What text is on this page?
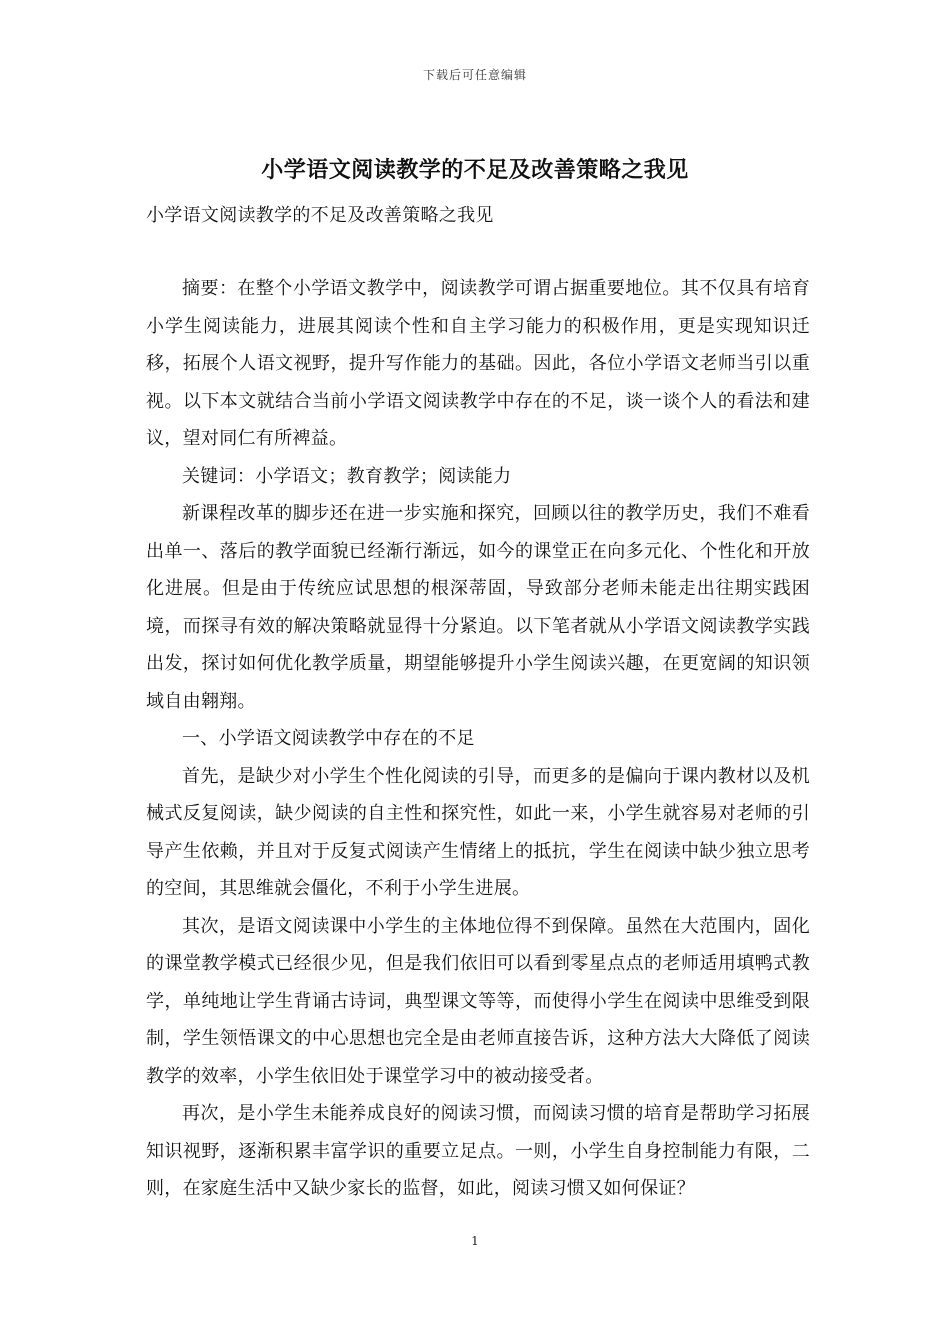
下载后可任意编辑
小学语文阅读教学的不足及改善策略之我见
小学语文阅读教学的不足及改善策略之我见

摘要：在整个小学语文教学中，阅读教学可谓占据重要地位。其不仅具有培育小学生阅读能力，进展其阅读个性和自主学习能力的积极作用，更是实现知识迁移，拓展个人语文视野，提升写作能力的基础。因此，各位小学语文老师当引以重视。以下本文就结合当前小学语文阅读教学中存在的不足，谈一谈个人的看法和建议，望对同仁有所裨益。

关键词：小学语文；教育教学；阅读能力

新课程改革的脚步还在进一步实施和探究，回顾以往的教学历史，我们不难看出单一、落后的教学面貌已经渐行渐远，如今的课堂正在向多元化、个性化和开放化进展。但是由于传统应试思想的根深蒂固，导致部分老师未能走出往期实践困境，而探寻有效的解决策略就显得十分紧迫。以下笔者就从小学语文阅读教学实践出发，探讨如何优化教学质量，期望能够提升小学生阅读兴趣，在更宽阔的知识领域自由翱翔。

一、小学语文阅读教学中存在的不足

首先，是缺少对小学生个性化阅读的引导，而更多的是偏向于课内教材以及机械式反复阅读，缺少阅读的自主性和探究性，如此一来，小学生就容易对老师的引导产生依赖，并且对于反复式阅读产生情绪上的抵抗，学生在阅读中缺少独立思考的空间，其思维就会僵化，不利于小学生进展。

其次，是语文阅读课中小学生的主体地位得不到保障。虽然在大范围内，固化的课堂教学模式已经很少见，但是我们依旧可以看到零星点点的老师适用填鸭式教学，单纯地让学生背诵古诗词，典型课文等等，而使得小学生在阅读中思维受到限制，学生领悟课文的中心思想也完全是由老师直接告诉，这种方法大大降低了阅读教学的效率，小学生依旧处于课堂学习中的被动接受者。

再次，是小学生未能养成良好的阅读习惯，而阅读习惯的培育是帮助学习拓展知识视野，逐渐积累丰富学识的重要立足点。一则，小学生自身控制能力有限，二则，在家庭生活中又缺少家长的监督，如此，阅读习惯又如何保证？

1
